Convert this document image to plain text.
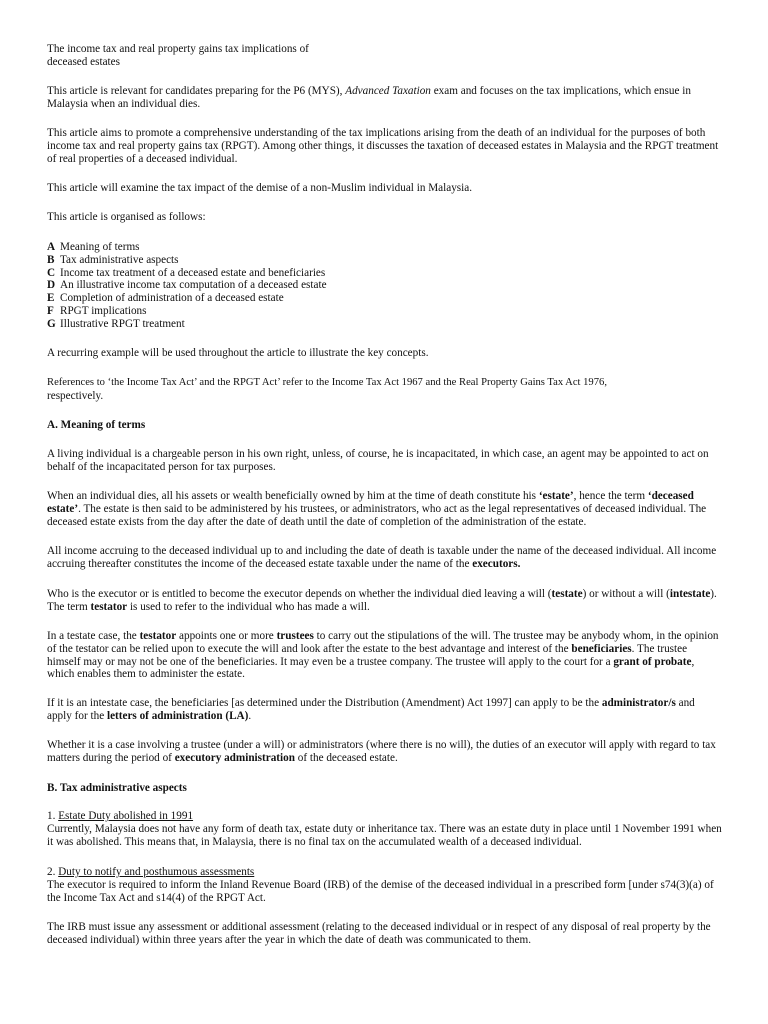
The income tax and real property gains tax implications of
deceased estates

This article is relevant for candidates preparing for the P6 (MYS), Advanced Taxation exam and focuses on the tax implications, which ensue in Malaysia when an individual dies.

This article aims to promote a comprehensive understanding of the tax implications arising from the death of an individual for the purposes of both income tax and real property gains tax (RPGT). Among other things, it discusses the taxation of deceased estates in Malaysia and the RPGT treatment of real properties of a deceased individual.

This article will examine the tax impact of the demise of a non-Muslim individual in Malaysia.

This article is organised as follows:

A Meaning of terms
B Tax administrative aspects
C Income tax treatment of a deceased estate and beneficiaries
D An illustrative income tax computation of a deceased estate
E Completion of administration of a deceased estate
F RPGT implications
G Illustrative RPGT treatment

A recurring example will be used throughout the article to illustrate the key concepts.

References to ‘the Income Tax Act’ and the RPGT Act’ refer to the Income Tax Act 1967 and the Real Property Gains Tax Act 1976,
respectively.

A. Meaning of terms

A living individual is a chargeable person in his own right, unless, of course, he is incapacitated, in which case, an agent may be appointed to act on behalf of the incapacitated person for tax purposes.

When an individual dies, all his assets or wealth beneficially owned by him at the time of death constitute his ‘estate’, hence the term ‘deceased estate’. The estate is then said to be administered by his trustees, or administrators, who act as the legal representatives of deceased individual. The deceased estate exists from the day after the date of death until the date of completion of the administration of the estate.

All income accruing to the deceased individual up to and including the date of death is taxable under the name of the deceased individual. All income accruing thereafter constitutes the income of the deceased estate taxable under the name of the executors.

Who is the executor or is entitled to become the executor depends on whether the individual died leaving a will (testate) or without a will (intestate). The term testator is used to refer to the individual who has made a will.

In a testate case, the testator appoints one or more trustees to carry out the stipulations of the will. The trustee may be anybody whom, in the opinion of the testator can be relied upon to execute the will and look after the estate to the best advantage and interest of the beneficiaries. The trustee himself may or may not be one of the beneficiaries. It may even be a trustee company. The trustee will apply to the court for a grant of probate, which enables them to administer the estate.

If it is an intestate case, the beneficiaries [as determined under the Distribution (Amendment) Act 1997] can apply to be the administrator/s and apply for the letters of administration (LA).

Whether it is a case involving a trustee (under a will) or administrators (where there is no will), the duties of an executor will apply with regard to tax matters during the period of executory administration of the deceased estate.

B. Tax administrative aspects

1. Estate Duty abolished in 1991
Currently, Malaysia does not have any form of death tax, estate duty or inheritance tax. There was an estate duty in place until 1 November 1991 when it was abolished. This means that, in Malaysia, there is no final tax on the accumulated wealth of a deceased individual.

2. Duty to notify and posthumous assessments
The executor is required to inform the Inland Revenue Board (IRB) of the demise of the deceased individual in a prescribed form [under s74(3)(a) of the Income Tax Act and s14(4) of the RPGT Act.

The IRB must issue any assessment or additional assessment (relating to the deceased individual or in respect of any disposal of real property by the deceased individual) within three years after the year in which the date of death was communicated to them.
